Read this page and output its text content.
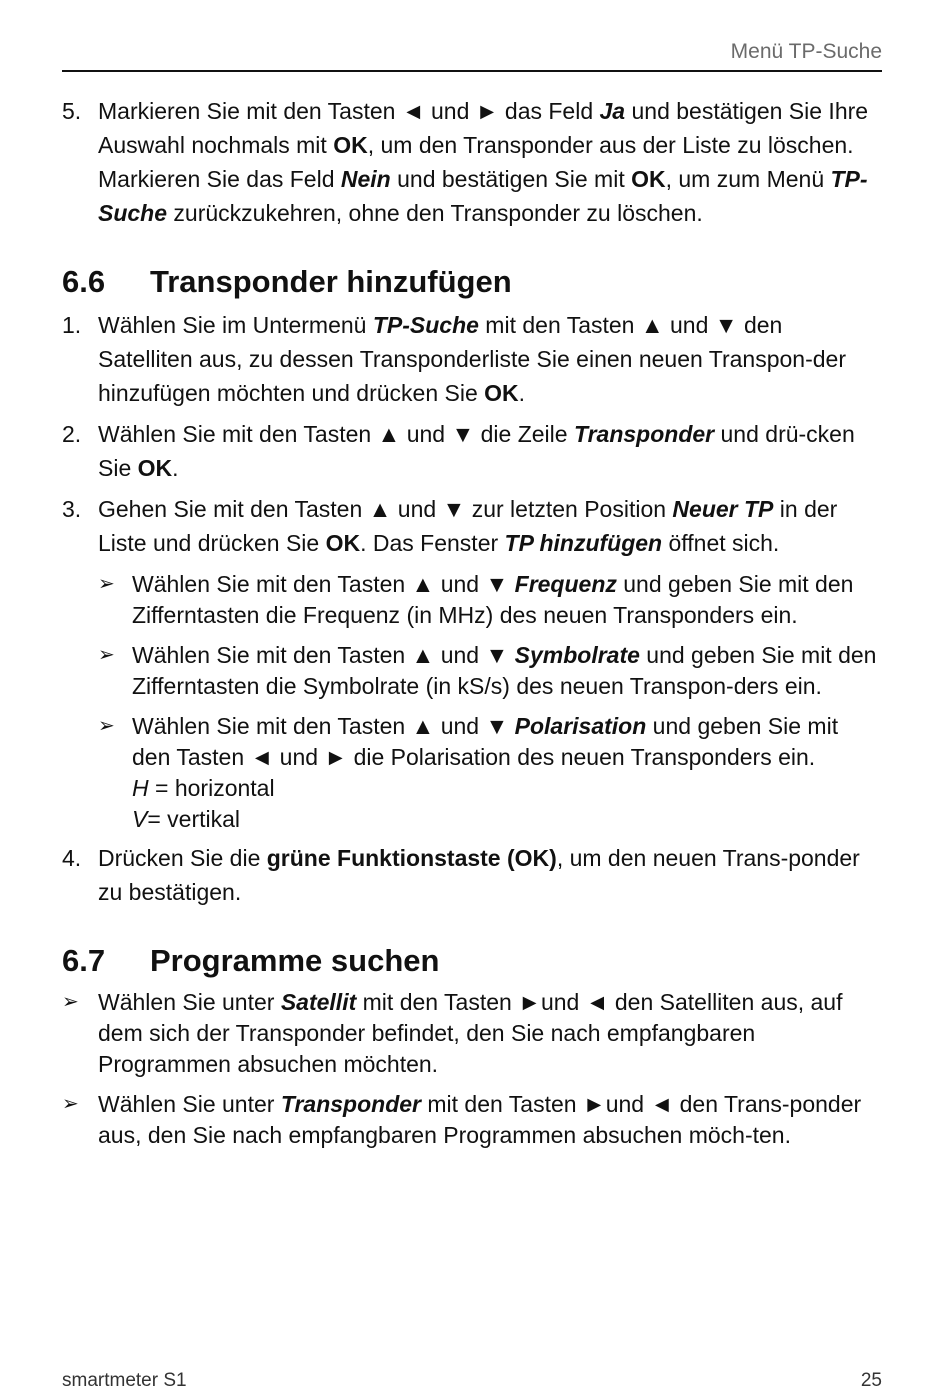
Menü TP-Suche
5. Markieren Sie mit den Tasten ◄ und ► das Feld Ja und bestätigen Sie Ihre Auswahl nochmals mit OK, um den Transponder aus der Liste zu löschen.
Markieren Sie das Feld Nein und bestätigen Sie mit OK, um zum Menü TP-Suche zurückzukehren, ohne den Transponder zu löschen.
6.6 Transponder hinzufügen
1. Wählen Sie im Untermenü TP-Suche mit den Tasten ▲ und ▼ den Satelliten aus, zu dessen Transponderliste Sie einen neuen Transpon-der hinzufügen möchten und drücken Sie OK.
2. Wählen Sie mit den Tasten ▲ und ▼ die Zeile Transponder und drü-cken Sie OK.
3. Gehen Sie mit den Tasten ▲ und ▼ zur letzten Position Neuer TP in der Liste und drücken Sie OK. Das Fenster TP hinzufügen öffnet sich.
➢ Wählen Sie mit den Tasten ▲ und ▼ Frequenz und geben Sie mit den Zifferntasten die Frequenz (in MHz) des neuen Transponders ein.
➢ Wählen Sie mit den Tasten ▲ und ▼ Symbolrate und geben Sie mit den Zifferntasten die Symbolrate (in kS/s) des neuen Transpon-ders ein.
➢ Wählen Sie mit den Tasten ▲ und ▼ Polarisation und geben Sie mit den Tasten ◄ und ► die Polarisation des neuen Transponders ein.
H = horizontal
V= vertikal
4. Drücken Sie die grüne Funktionstaste (OK), um den neuen Trans-ponder zu bestätigen.
6.7 Programme suchen
➢ Wählen Sie unter Satellit mit den Tasten ►und ◄ den Satelliten aus, auf dem sich der Transponder befindet, den Sie nach empfangbaren Programmen absuchen möchten.
➢ Wählen Sie unter Transponder mit den Tasten ►und ◄ den Trans-ponder aus, den Sie nach empfangbaren Programmen absuchen möch-ten.
smartmeter S1	25
